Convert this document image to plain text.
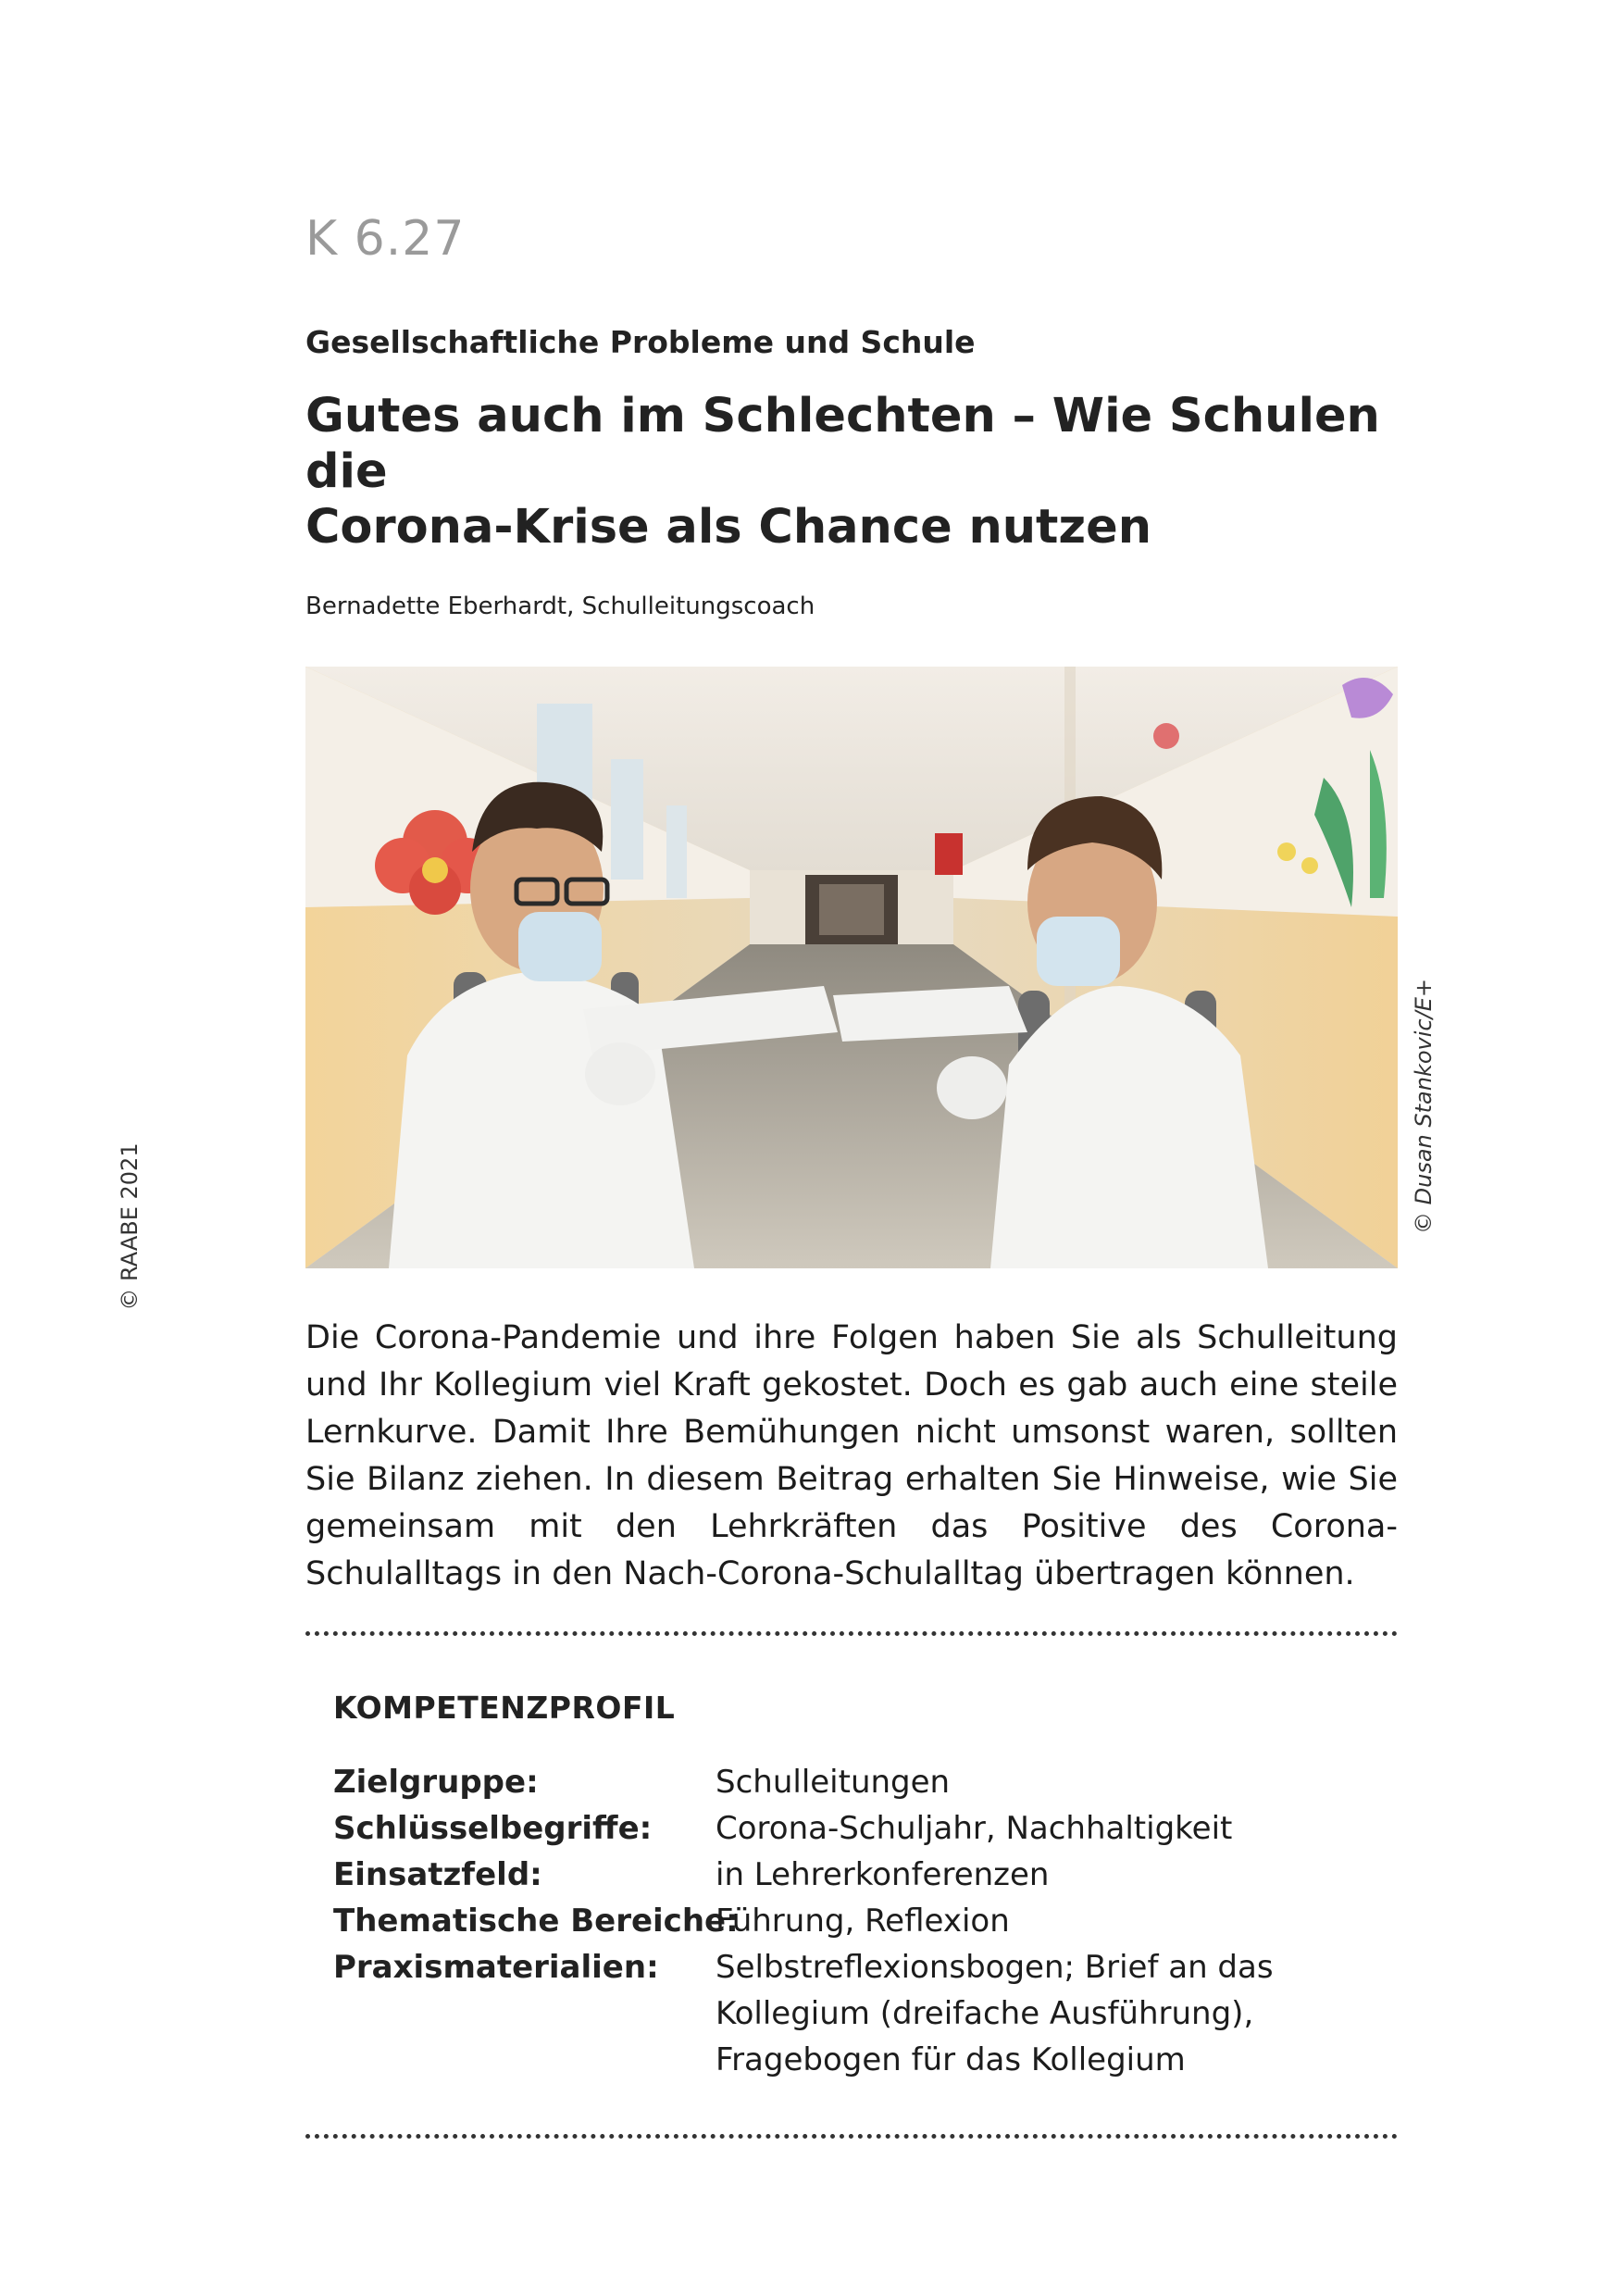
K 6.27
Gesellschaftliche Probleme und Schule
Gutes auch im Schlechten – Wie Schulen die
Corona-Krise als Chance nutzen
Bernadette Eberhardt, Schulleitungscoach
© RAABE 2021	© Dusan Stankovic/E+
Die Corona-Pandemie und ihre Folgen haben Sie als Schulleitung und Ihr Kollegium viel Kraft gekostet. Doch es gab auch eine steile Lernkurve. Damit Ihre Bemühungen nicht umsonst waren, sollten Sie Bilanz ziehen. In diesem Beitrag erhalten Sie Hinweise, wie Sie gemeinsam mit den Lehrkräften das Positive des Corona-Schulalltags in den Nach-Corona-Schulalltag übertragen können.
KOMPETENZPROFIL
Zielgruppe:	Schulleitungen
Schlüsselbegriffe: Corona-Schuljahr, Nachhaltigkeit
Einsatzfeld:	in Lehrerkonferenzen
Thematische Bereiche:
Führung, Reflexion
Praxismaterialien: Selbstreflexionsbogen; Brief an das Kollegium (dreifache Ausführung), Fragebogen für das Kollegium
